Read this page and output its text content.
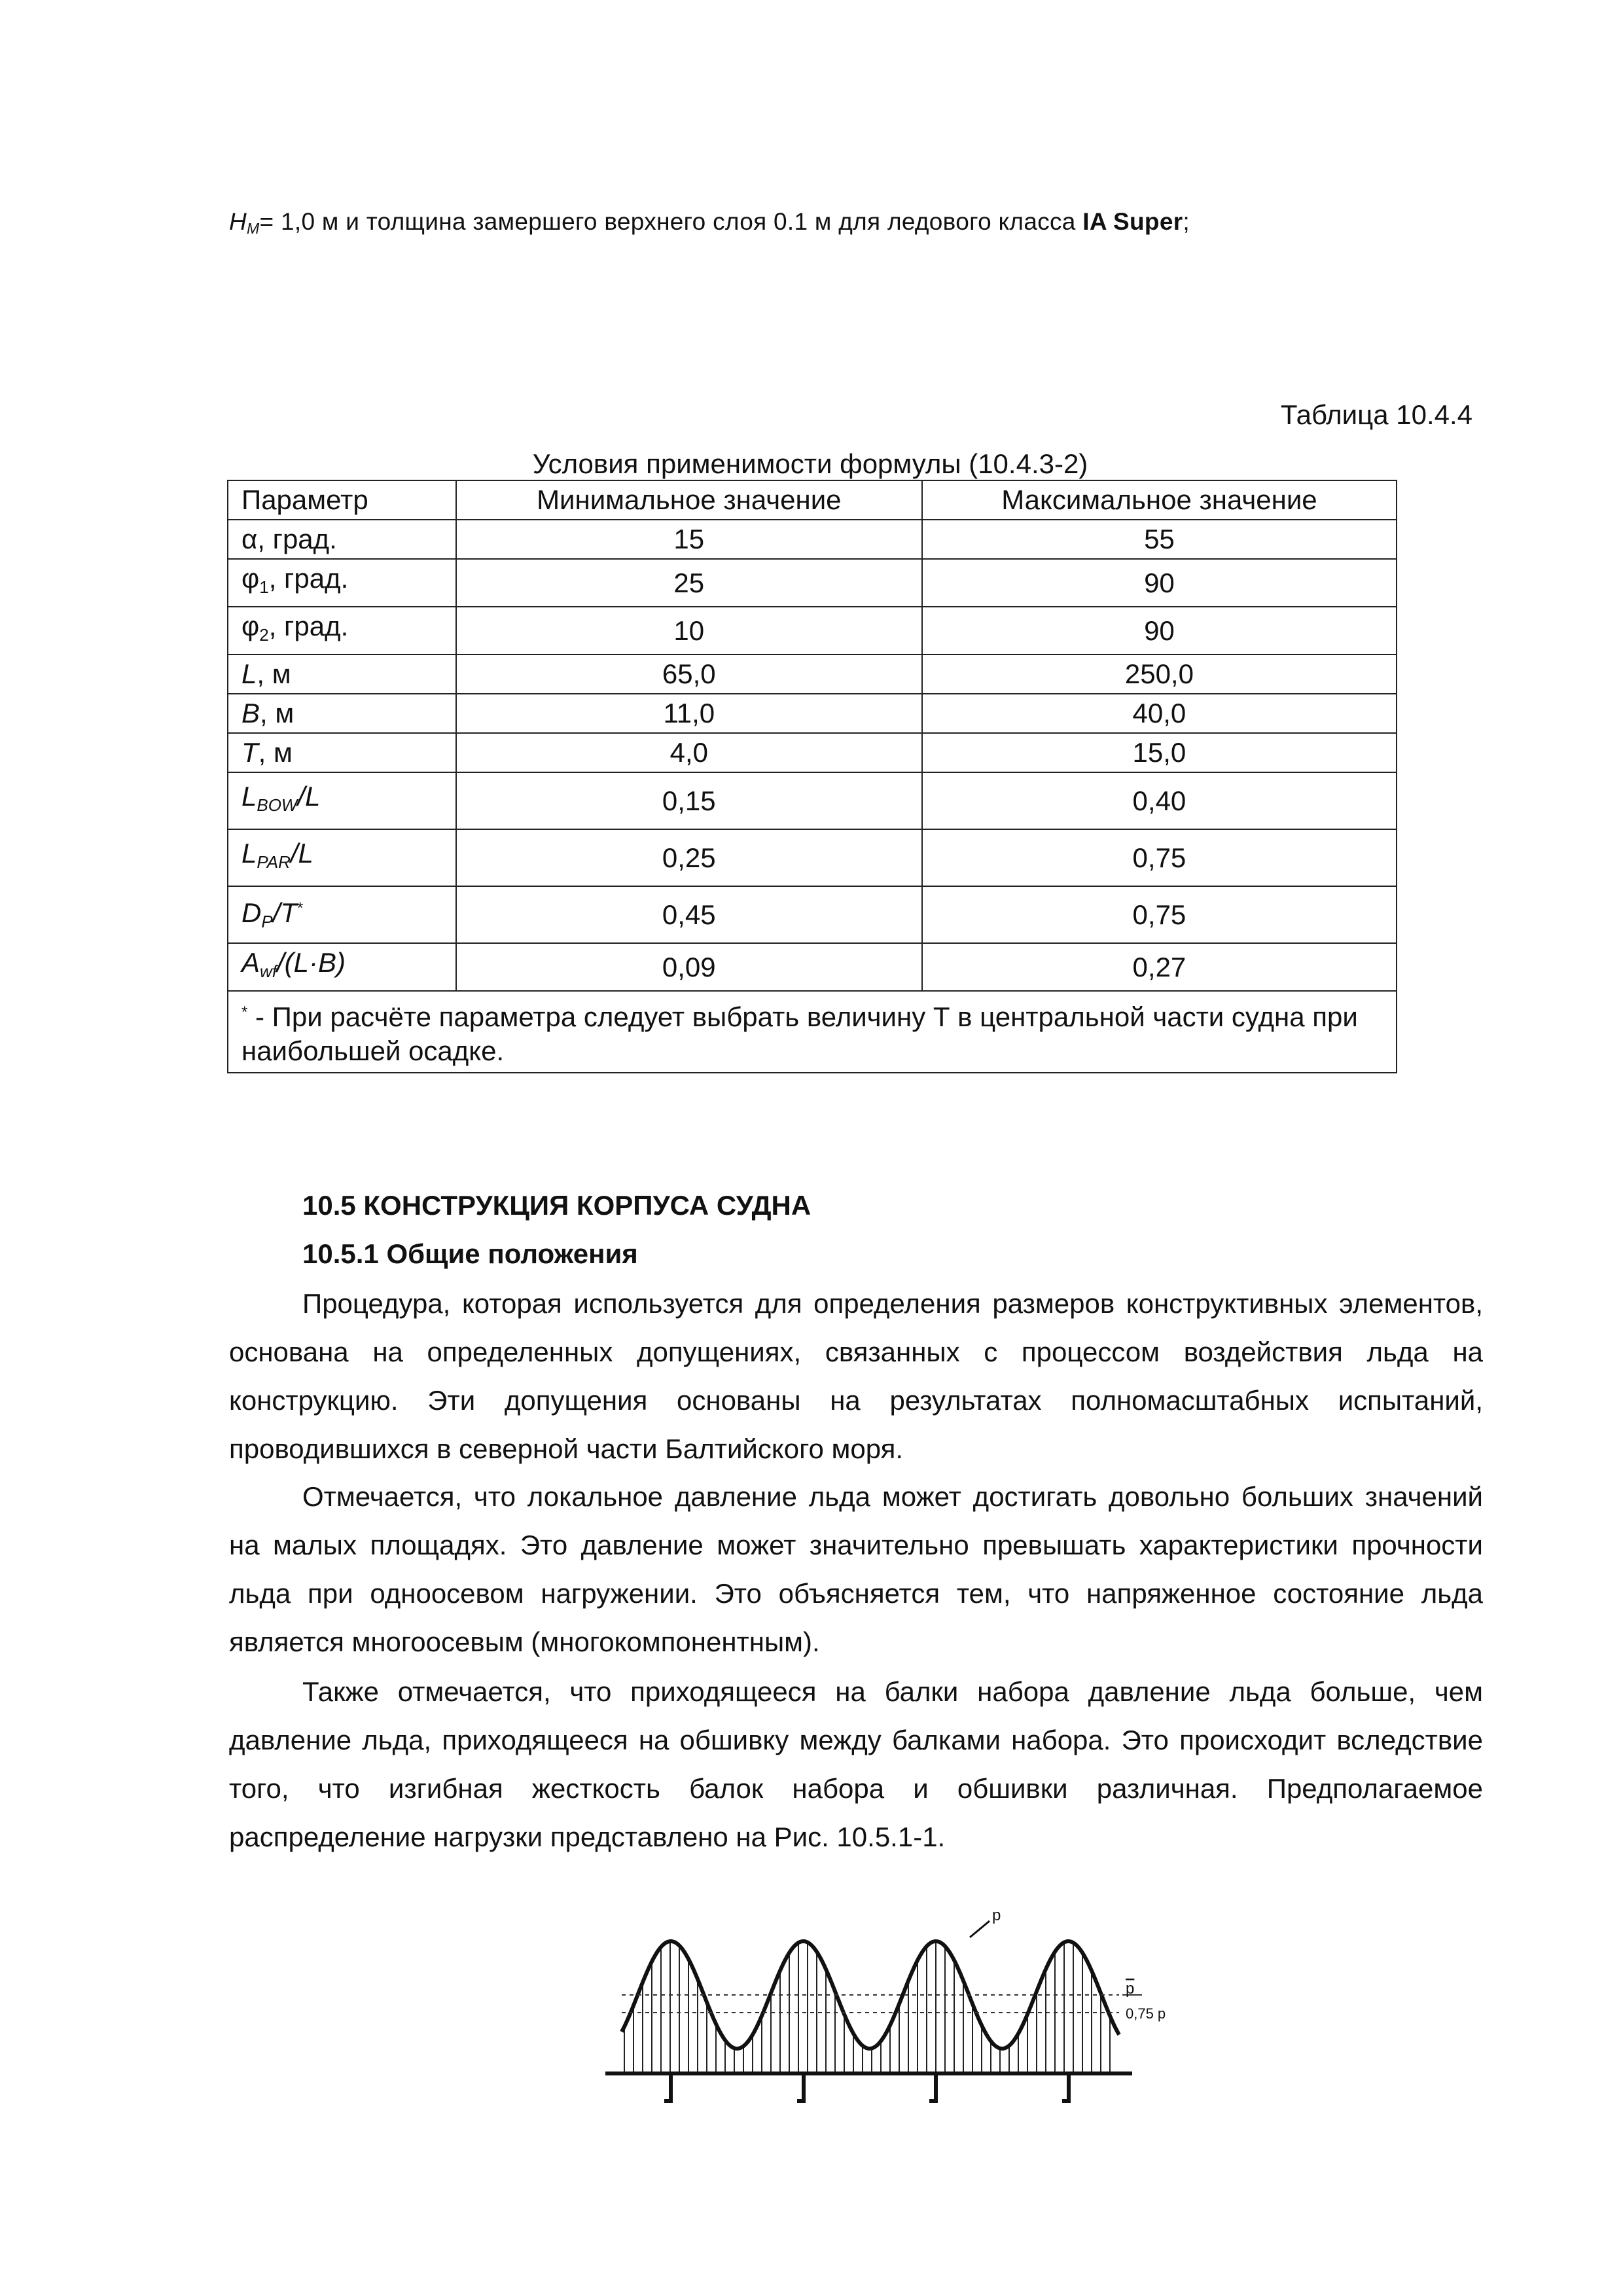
$H_M= 1,0$ м и толщина замершего верхнего слоя 0.1 м для ледового класса IA Super;
Таблица 10.4.4
Условия применимости формулы (10.4.3-2)
Параметр	Минимальное значение	Максимальное значение
α, град.	15	55
$\varphi_1$, град.	25	90
$\varphi_2$, град.	10	90
L, м	65,0	250,0
B, м	11,0	40,0
T, м	4,0	15,0
$L_{BOW}/L$	0,15	0,40
$L_{PAR}/L$	0,25	0,75
$D_P/T^*$	0,45	0,75
$A_{wf}/(L\cdot B)$	0,09	0,27
* - При расчёте параметра следует выбрать величину Т в центральной части судна при наибольшей осадке.		
10.5 КОНСТРУКЦИЯ КОРПУСА СУДНА
10.5.1 Общие положения
Процедура, которая используется для определения размеров конструктивных элементов, основана на определенных допущениях, связанных с процессом воздействия льда на конструкцию. Эти допущения основаны на результатах полномасштабных испытаний, проводившихся в северной части Балтийского моря.
Отмечается, что локальное давление льда может достигать довольно больших значений на малых площадях. Это давление может значительно превышать характеристики прочности льда при одноосевом нагружении. Это объясняется тем, что напряженное состояние льда является многоосевым (многокомпонентным).
Также отмечается, что приходящееся на балки набора давление льда больше, чем давление льда, приходящееся на обшивку между балками набора. Это происходит вследствие того, что изгибная жесткость балок набора и обшивки различная. Предполагаемое распределение нагрузки представлено на Рис. 10.5.1-1.
p
p
0,75 p
